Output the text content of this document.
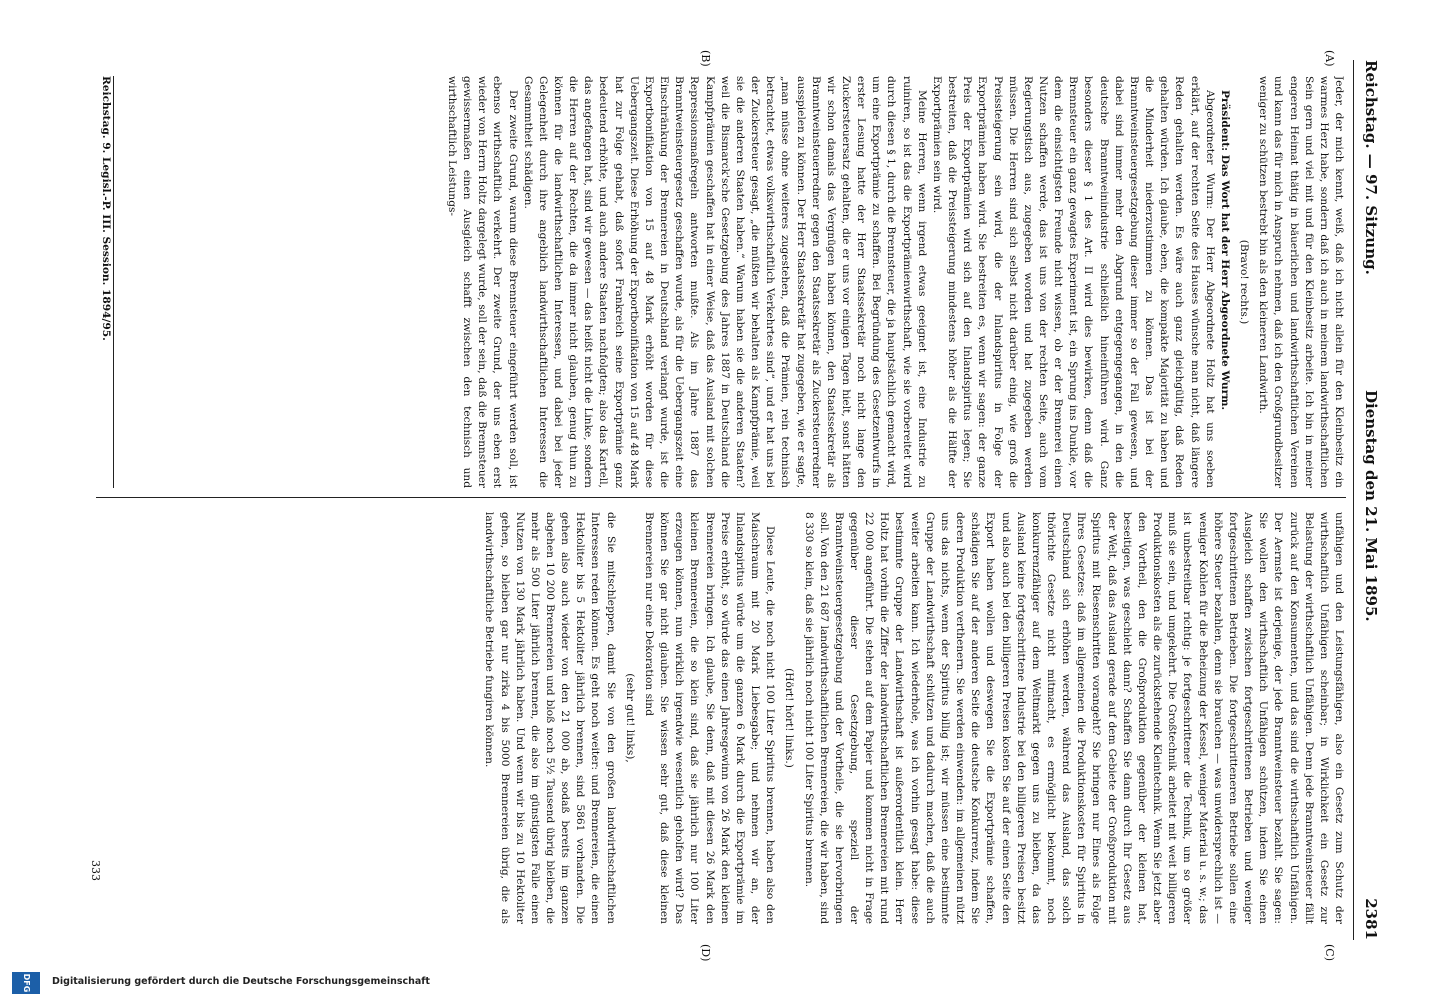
Reichstag. — 97. Sitzung.
Dienstag den 21. Mai 1895.
2381
(A)
(B)
(C)
(D)

Jeder, der mich kennt, weiß, daß ich nicht allein für den Kleinbesitz ein warmes Herz habe, sondern daß ich auch in meinem landwirthschaftlichen Sein gern und viel mit und für den Kleinbesitz arbeite. Ich bin in meiner engeren Heimat thätig in bäuerlichen und landwirthschaftlichen Vereinen und kann das für mich in Anspruch nehmen, daß ich den Großgrundbesitzer weniger zu schützen bestrebt bin als den kleineren Landwirth.

(Bravo! rechts.)

Präsident: Das Wort hat der Herr Abgeordnete Wurm.

Abgeordneter Wurm: Der Herr Abgeordnete Holtz hat uns soeben erklärt, auf der rechten Seite des Hauses wünsche man nicht, daß längere Reden gehalten werden. Es wäre auch ganz gleichgültig, daß Reden gehalten würden. Ich glaube, eben, die kompakte Majorität zu haben und die Minderheit niederzustimmen zu können. Das ist bei der Branntweinsteuergesetzgebung dieser immer so der Fall gewesen, und dabei sind immer mehr den Abgrund entgegengegangen, in den die deutsche Branntweinindustrie schließlich hineinführen wird. Ganz besonders dieser § 1 des Art. II wird dies bewirken, denn daß die Brennsteuer ein ganz gewagtes Experiment ist, ein Sprung ins Dunkle, vor dem die einsichtigsten Freunde nicht wissen, ob er der Brennerei einen Nutzen schaffen werde, das ist uns von der rechten Seite, auch vom Regierungstisch aus, zugegeben worden und hat zugegeben werden müssen. Die Herren sind sich selbst nicht darüber einig, wie groß die Preissteigerung sein wird, die der Inlandspiritus in Folge der Exportprämien haben wird. Sie bestreiten es, wenn wir sagen: der ganze Preis der Exportprämien wird sich auf den Inlandspiritus legen; Sie bestreiten, daß die Preissteigerung mindestens höher als die Hälfte der Exportprämien sein wird.

Meine Herren, wenn irgend etwas geeignet ist, eine Industrie zu ruiniren, so ist das die Exportprämienwirthschaft, wie sie vorbereitet wird durch diesen § 1, durch die Brennsteuer, die ja hauptsächlich gemacht wird, um eine Exportprämie zu schaffen. Bei Begründung des Gesetzentwurfs in erster Lesung hatte der Herr Staatssekretär noch nicht lange den Zuckersteuersatz gehalten, die er uns vor einigen Tagen hielt, sonst hätten wir schon damals das Vergnügen haben können, den Staatssekretär als Branntweinsteuerredner gegen den Staatssekretär als Zuckersteuerredner ausspielen zu können. Der Herr Staatssekretär hat zugegeben, wie er sagte, „man müsse ohne weiteres zugestehen, daß die Prämien, rein technisch betrachtet, etwas volkswirthschaftlich Verkehrtes sind“, und er hat uns bei der Zuckersteuer gesagt, „die müßten wir behalten als Kampfprämie, weil sie die anderen Staaten haben.“ Warum haben sie die anderen Staaten? weil die Bismarck'sche Gesetzgebung des Jahres 1887 in Deutschland die Kampfprämien geschaffen hat in einer Weise, daß das Ausland mit solchen Repressionsmaßregeln antworten mußte. Als im Jahre 1887 das Branntweinsteuergesetz geschaffen wurde, als für die Uebergangszeit eine Einschränkung der Brennereien in Deutschland verlangt wurde, ist die Exportbonifikation von 15 auf 48 Mark erhöht worden für diese Uebergangszeit. Diese Erhöhung der Exportbonifikation von 15 auf 48 Mark hat zur Folge gehabt, daß sofort Frankreich seine Exportprämie ganz bedeutend erhöhte, und auch andere Staaten nachfolgten; also das Kartell, das angefangen hat, sind wir gewesen — das heißt nicht die Linke, sondern die Herren auf der Rechten, die da immer nicht glauben, genug thun zu können für die landwirthschaftlichen Interessen, und dabei bei jeder Gelegenheit durch ihre angeblich landwirthschaftlichen Interessen die Gesammtheit schädigen.

Der zweite Grund, warum diese Brennsteuer eingeführt werden soll, ist ebenso wirthschaftlich verkehrt. Der zweite Grund, der uns eben erst wieder von Herrn Holtz dargelegt wurde, soll der sein, daß die Brennsteuer gewissermaßen einen Ausgleich schafft zwischen den technisch und wirthschaftlich Leistungs-

unfähigen und den Leistungsfähigen, also ein Gesetz zum Schutz der wirthschaftlich Unfähigen scheinbar; in Wirklichkeit ein Gesetz zur Belastung der wirthschaftlich Unfähigen. Denn jede Branntweinsteuer fällt zurück auf den Konsumenten, und das sind die wirthschaftlich Unfähigen. Der Aermste ist derjenige, der jede Branntweinsteuer bezahlt. Sie sagen: Sie wollen den wirthschaftlich Unfähigen schützen, indem Sie einen Ausgleich schaffen zwischen fortgeschrittenen Betrieben und weniger fortgeschrittenen Betrieben. Die fortgeschritteneren Betriebe sollen eine höhere Steuer bezahlen, denn sie brauchen — was unwidersprechlich ist — weniger Kohlen für die Beheizung der Kessel, weniger Material u. s. w.; das ist unbestreitbar richtig: je fortgeschrittener die Technik, um so größer muß sie sein, und umgekehrt. Die Großtechnik arbeitet mit weit billigeren Produktionskosten als die zurückstehende Kleintechnik. Wenn Sie jetzt aber den Vortheil, den die Großproduktion gegenüber der kleinen hat, beseitigen, was geschieht dann? Schaffen Sie dann durch Ihr Gesetz aus der Welt, daß das Ausland gerade auf dem Gebiete der Großproduktion mit Spiritus mit Riesenschritten vorangeht? Sie bringen nur Eines als Folge Ihres Gesetzes: daß im allgemeinen die Produktionskosten für Spiritus in Deutschland sich erhöhen werden, während das Ausland, das solch thörichte Gesetze nicht mitmacht, es ermöglicht bekommt, noch konkurrenzfähiger auf dem Weltmarkt gegen uns zu bleiben, da das Ausland keine fortgeschrittene Industrie bei den billigeren Preisen besitzt und also auch bei den billigeren Preisen kosten Sie auf der einen Seite den Export haben wollen und deswegen Sie die Exportprämie schaffen, schädigen Sie auf der anderen Seite die deutsche Konkurrenz, indem Sie deren Produktion verthenern. Sie werden einwenden: im allgemeinen nützt uns das nichts, wenn der Spiritus billig ist; wir müssen eine bestimmte Gruppe der Landwirthschaft schützen und dadurch machen, daß die auch weiter arbeiten kann. Ich wiederhole, was ich vorhin gesagt habe: diese bestimmte Gruppe der Landwirthschaft ist außerordentlich klein. Herr Holtz hat vorhin die Ziffer der landwirthschaftlichen Brennereien mit rund 22 000 angeführt. Die stehen auf dem Papier und kommen nicht in Frage gegenüber dieser Gesetzgebung, speziell der Branntweinsteuergesetzgebung und der Vortheile, die sie hervorbringen soll. Von den 21 687 landwirthschaftlichen Brennereien, die wir haben, sind 8 330 so klein, daß sie jährlich noch nicht 100 Liter Spiritus brennen.

(Hört! hört! links.)

Diese Leute, die noch nicht 100 Liter Spiritus brennen, haben also den Maischraum mit 20 Mark Liebesgabe; und nehmen wir an, der Inlandspiritus würde um die ganzen 6 Mark durch die Exportprämie im Preise erhöht, so würde das einen Jahresgewinn von 26 Mark den kleinen Brennereien bringen. Ich glaube, Sie denn, daß mit diesen 26 Mark den kleinen Brennereien, die so klein sind, daß sie jährlich nur 100 Liter erzeugen können, nun wirklich irgendwie wesentlich geholfen wird? Das können Sie gar nicht glauben. Sie wissen sehr gut, daß diese kleinen Brennereien nur eine Dekoration sind

(sehr gut! links),

die Sie mitschleppen, damit Sie von den großen landwirthschaftlichen Interessen reden können. Es geht noch weiter: und Brennereien, die einen Hektoliter bis 5 Hektoliter jährlich brennen, sind 5861 vorhanden. Die gehen also auch wieder von den 21 000 ab, sodaß bereits im ganzen abgehen 10 200 Brennereien und bloß noch 5½ Tausend übrig bleiben, die mehr als 500 Liter jährlich brennen, die also im günstigsten Falle einen Nutzen von 130 Mark jährlich haben. Und wenn wir bis zu 10 Hektoliter gehen, so bleiben gar nur zirka 4 bis 5000 Brennereien übrig, die als landwirthschaftliche Betriebe fungiren können.

Reichstag. 9. Legisl.-P. III. Session. 1894/95.
333
Digitalisierung gefördert durch die Deutsche Forschungsgemeinschaft
DFG
